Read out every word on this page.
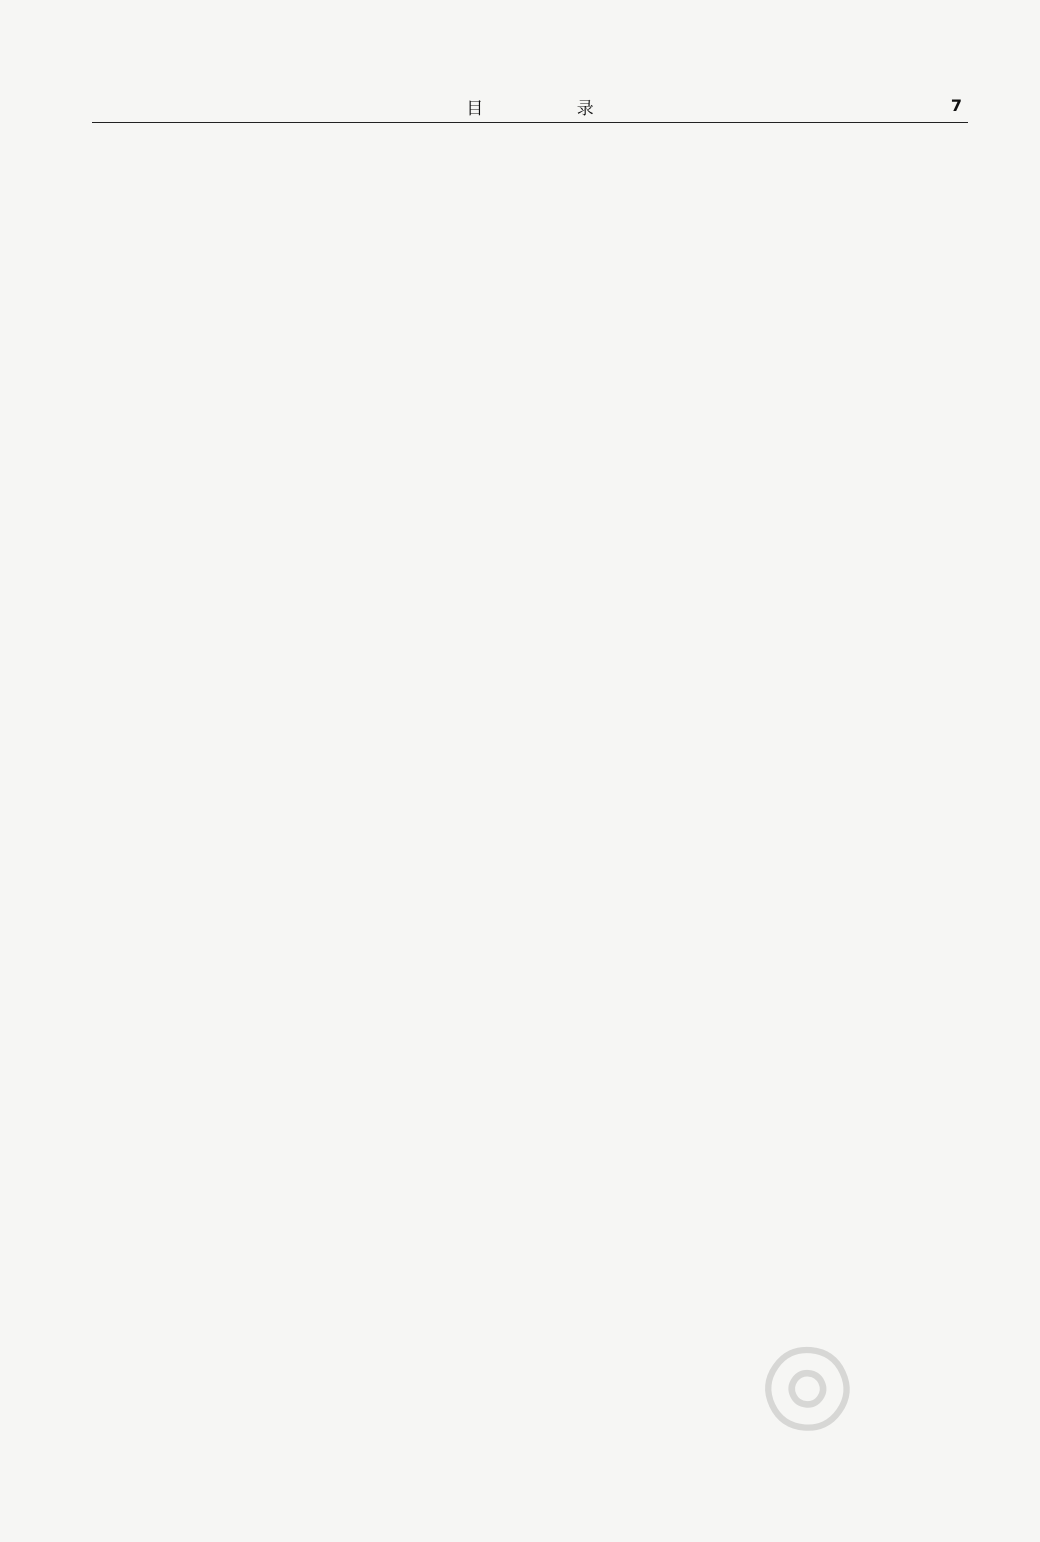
目 录	7
◎
